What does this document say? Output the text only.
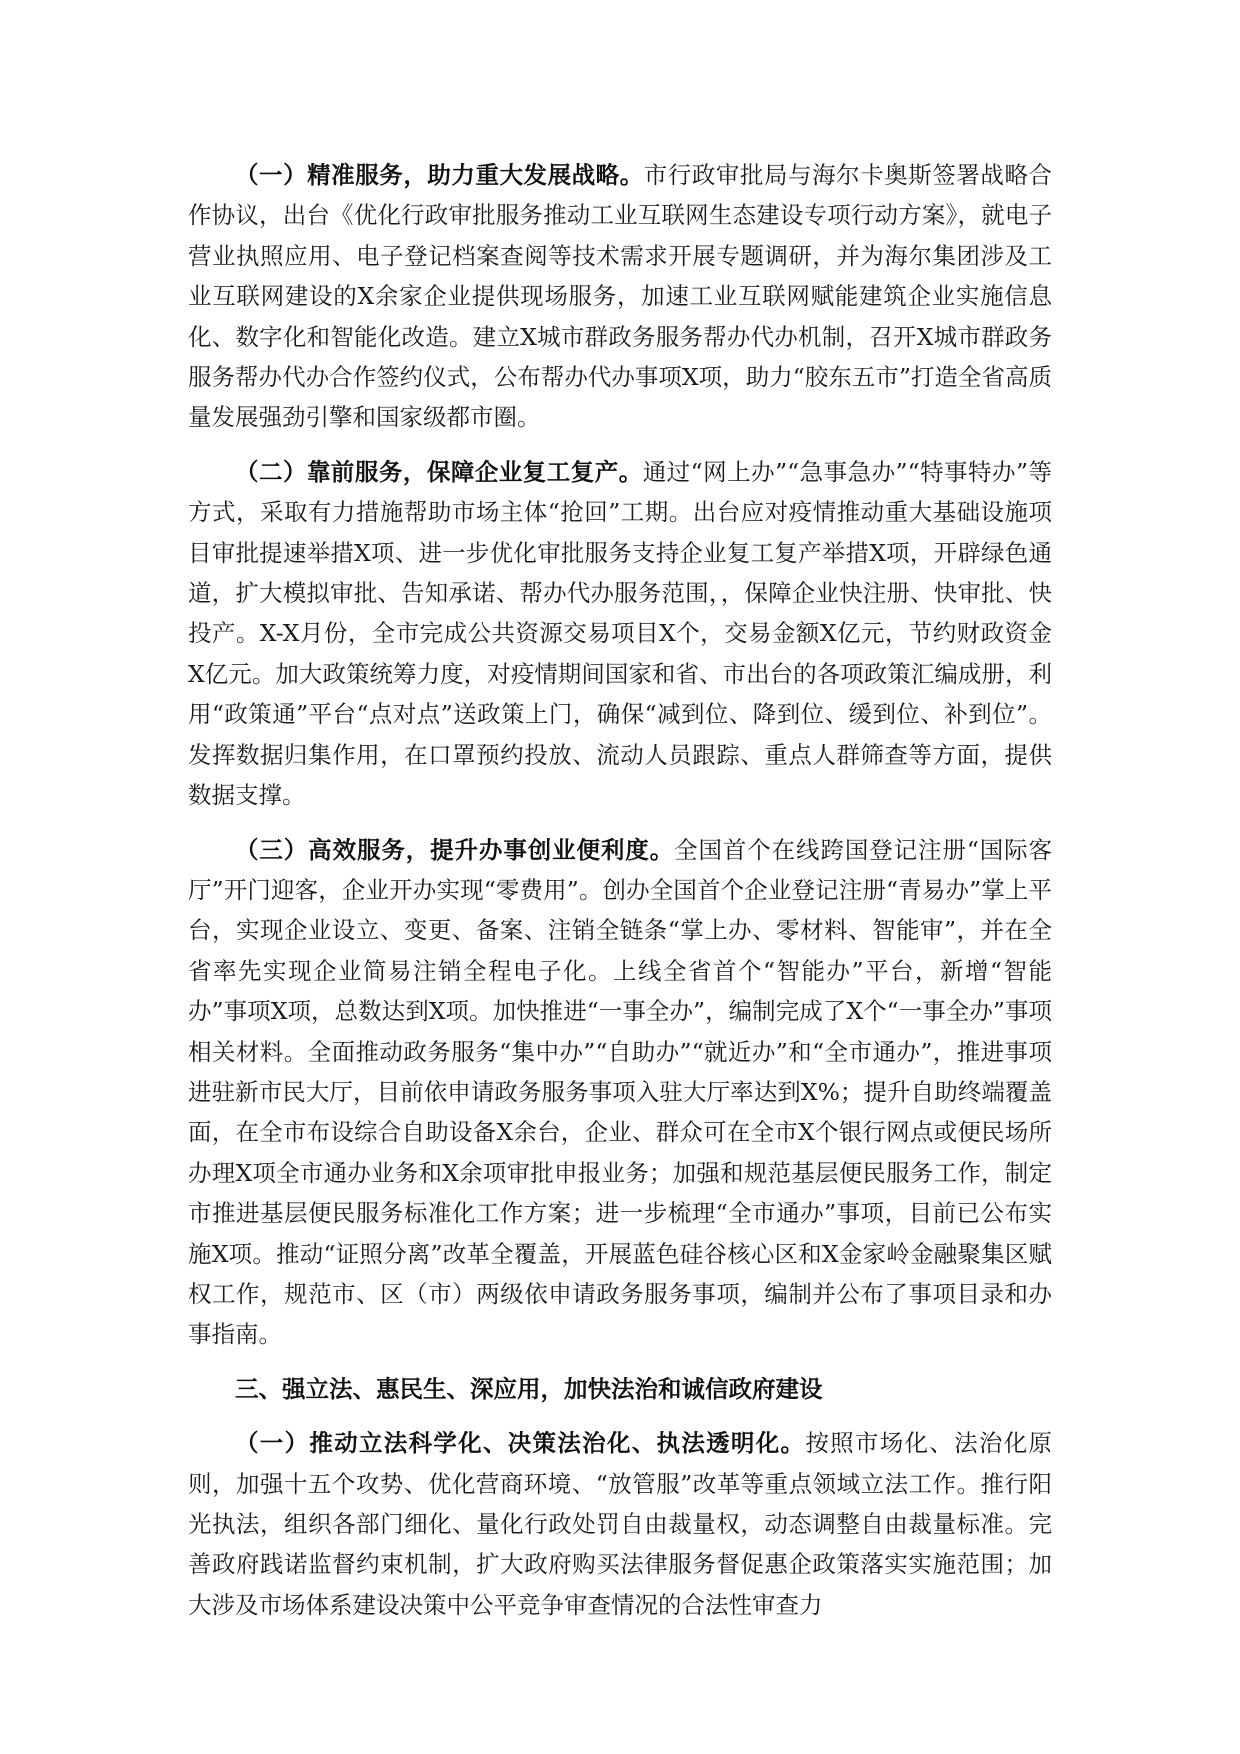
（一）精准服务，助力重大发展战略。市行政审批局与海尔卡奥斯签署战略合作协议，出台《优化行政审批服务推动工业互联网生态建设专项行动方案》，就电子营业执照应用、电子登记档案查阅等技术需求开展专题调研，并为海尔集团涉及工业互联网建设的X余家企业提供现场服务，加速工业互联网赋能建筑企业实施信息化、数字化和智能化改造。建立X城市群政务服务帮办代办机制，召开X城市群政务服务帮办代办合作签约仪式，公布帮办代办事项X项，助力“胶东五市”打造全省高质量发展强劲引擎和国家级都市圈。

（二）靠前服务，保障企业复工复产。通过“网上办”“急事急办”“特事特办”等方式，采取有力措施帮助市场主体“抢回”工期。出台应对疫情推动重大基础设施项目审批提速举措X项、进一步优化审批服务支持企业复工复产举措X项，开辟绿色通道，扩大模拟审批、告知承诺、帮办代办服务范围，，保障企业快注册、快审批、快投产。X-X月份，全市完成公共资源交易项目X个，交易金额X亿元，节约财政资金X亿元。加大政策统筹力度，对疫情期间国家和省、市出台的各项政策汇编成册，利用“政策通”平台“点对点”送政策上门，确保“减到位、降到位、缓到位、补到位”。发挥数据归集作用，在口罩预约投放、流动人员跟踪、重点人群筛查等方面，提供数据支撑。

（三）高效服务，提升办事创业便利度。全国首个在线跨国登记注册“国际客厅”开门迎客，企业开办实现“零费用”。创办全国首个企业登记注册“青易办”掌上平台，实现企业设立、变更、备案、注销全链条“掌上办、零材料、智能审”，并在全省率先实现企业简易注销全程电子化。上线全省首个“智能办”平台，新增“智能办”事项X项，总数达到X项。加快推进“一事全办”，编制完成了X个“一事全办”事项相关材料。全面推动政务服务“集中办”“自助办”“就近办”和“全市通办”，推进事项进驻新市民大厅，目前依申请政务服务事项入驻大厅率达到X%；提升自助终端覆盖面，在全市布设综合自助设备X余台，企业、群众可在全市X个银行网点或便民场所办理X项全市通办业务和X余项审批申报业务；加强和规范基层便民服务工作，制定市推进基层便民服务标准化工作方案；进一步梳理“全市通办”事项，目前已公布实施X项。推动“证照分离”改革全覆盖，开展蓝色硅谷核心区和X金家岭金融聚集区赋权工作，规范市、区（市）两级依申请政务服务事项，编制并公布了事项目录和办事指南。

三、强立法、惠民生、深应用，加快法治和诚信政府建设

（一）推动立法科学化、决策法治化、执法透明化。按照市场化、法治化原则，加强十五个攻势、优化营商环境、“放管服”改革等重点领域立法工作。推行阳光执法，组织各部门细化、量化行政处罚自由裁量权，动态调整自由裁量标准。完善政府践诺监督约束机制，扩大政府购买法律服务督促惠企政策落实实施范围；加大涉及市场体系建设决策中公平竞争审查情况的合法性审查力
